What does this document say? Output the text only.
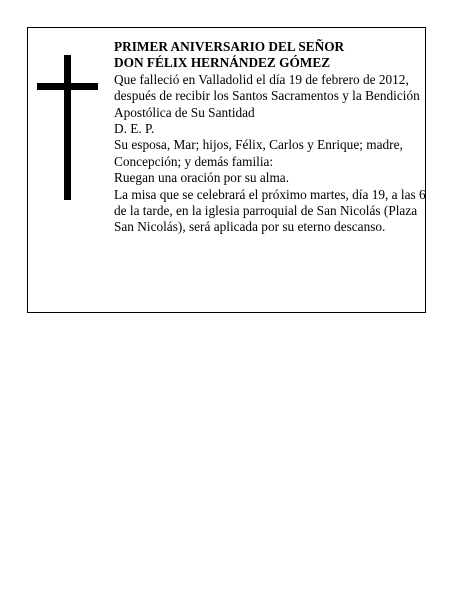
PRIMER ANIVERSARIO DEL SEÑOR

DON FÉLIX HERNÁNDEZ GÓMEZ

Que falleció en Valladolid el día 19 de febrero de 2012, después de recibir los Santos Sacramentos y la Bendición Apostólica de Su Santidad

D. E. P.

Su esposa, Mar; hijos, Félix, Carlos y Enrique; madre, Concepción; y demás familia:

Ruegan una oración por su alma.

La misa que se celebrará el próximo martes, día 19, a las 6 de la tarde, en la iglesia parroquial de San Nicolás (Plaza San Nicolás), será aplicada por su eterno descanso.
